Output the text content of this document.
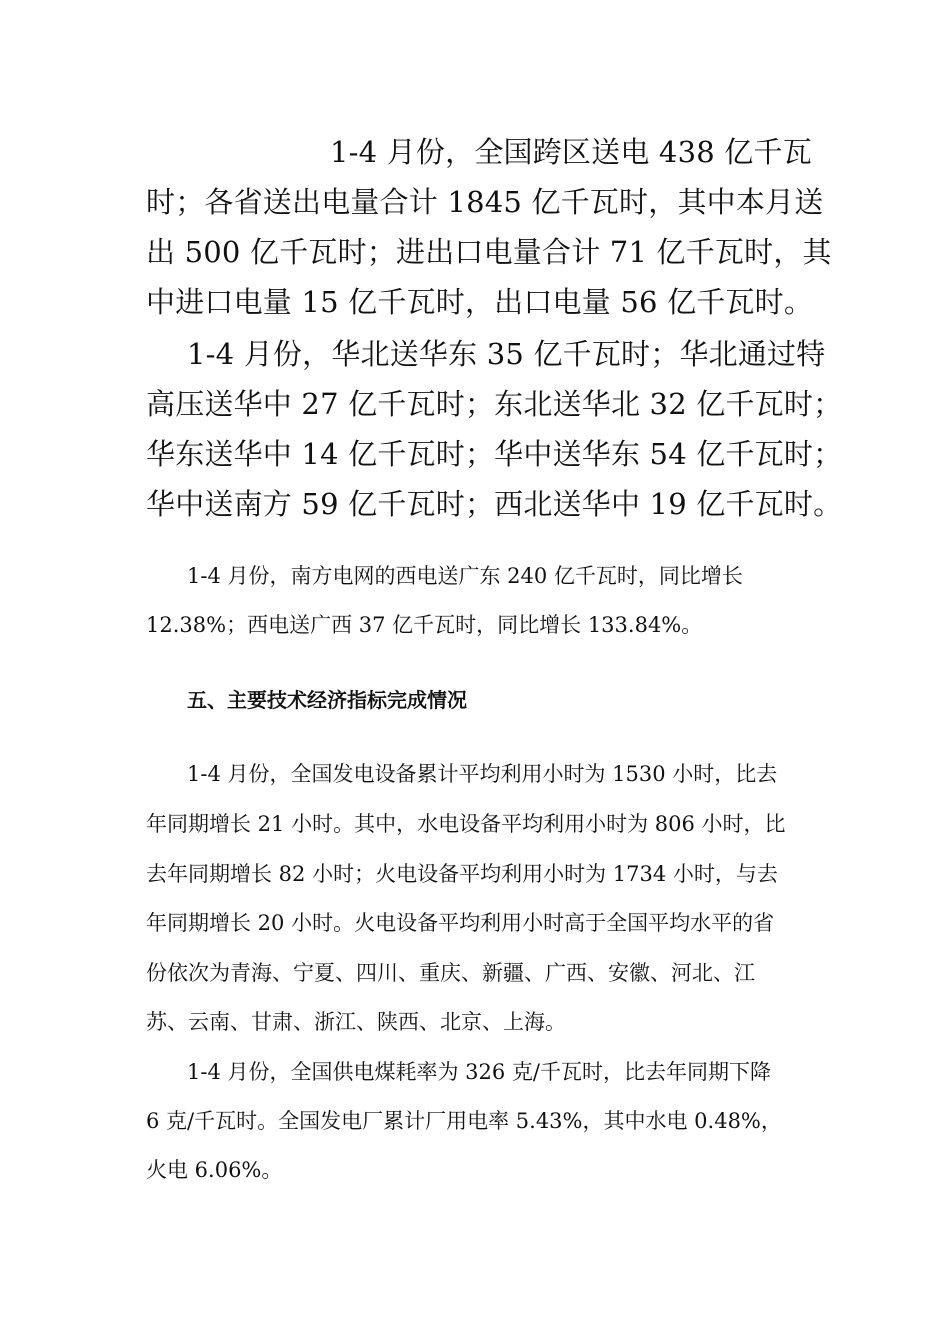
1-4 月份，全国跨区送电 438 亿千瓦

时；各省送出电量合计 1845 亿千瓦时，其中本月送

出 500 亿千瓦时；进出口电量合计 71 亿千瓦时，其

中进口电量 15 亿千瓦时，出口电量 56 亿千瓦时。

1-4 月份，华北送华东 35 亿千瓦时；华北通过特

高压送华中 27 亿千瓦时；东北送华北 32 亿千瓦时；

华东送华中 14 亿千瓦时；华中送华东 54 亿千瓦时；

华中送南方 59 亿千瓦时；西北送华中 19 亿千瓦时。

1-4 月份，南方电网的西电送广东 240 亿千瓦时，同比增长

12.38%；西电送广西 37 亿千瓦时，同比增长 133.84%。

五、主要技术经济指标完成情况

1-4 月份，全国发电设备累计平均利用小时为 1530 小时，比去

年同期增长 21 小时。其中，水电设备平均利用小时为 806 小时，比

去年同期增长 82 小时；火电设备平均利用小时为 1734 小时，与去

年同期增长 20 小时。火电设备平均利用小时高于全国平均水平的省

份依次为青海、宁夏、四川、重庆、新疆、广西、安徽、河北、江

苏、云南、甘肃、浙江、陕西、北京、上海。

1-4 月份，全国供电煤耗率为 326 克/千瓦时，比去年同期下降

6 克/千瓦时。全国发电厂累计厂用电率 5.43%，其中水电 0.48%，

火电 6.06%。
